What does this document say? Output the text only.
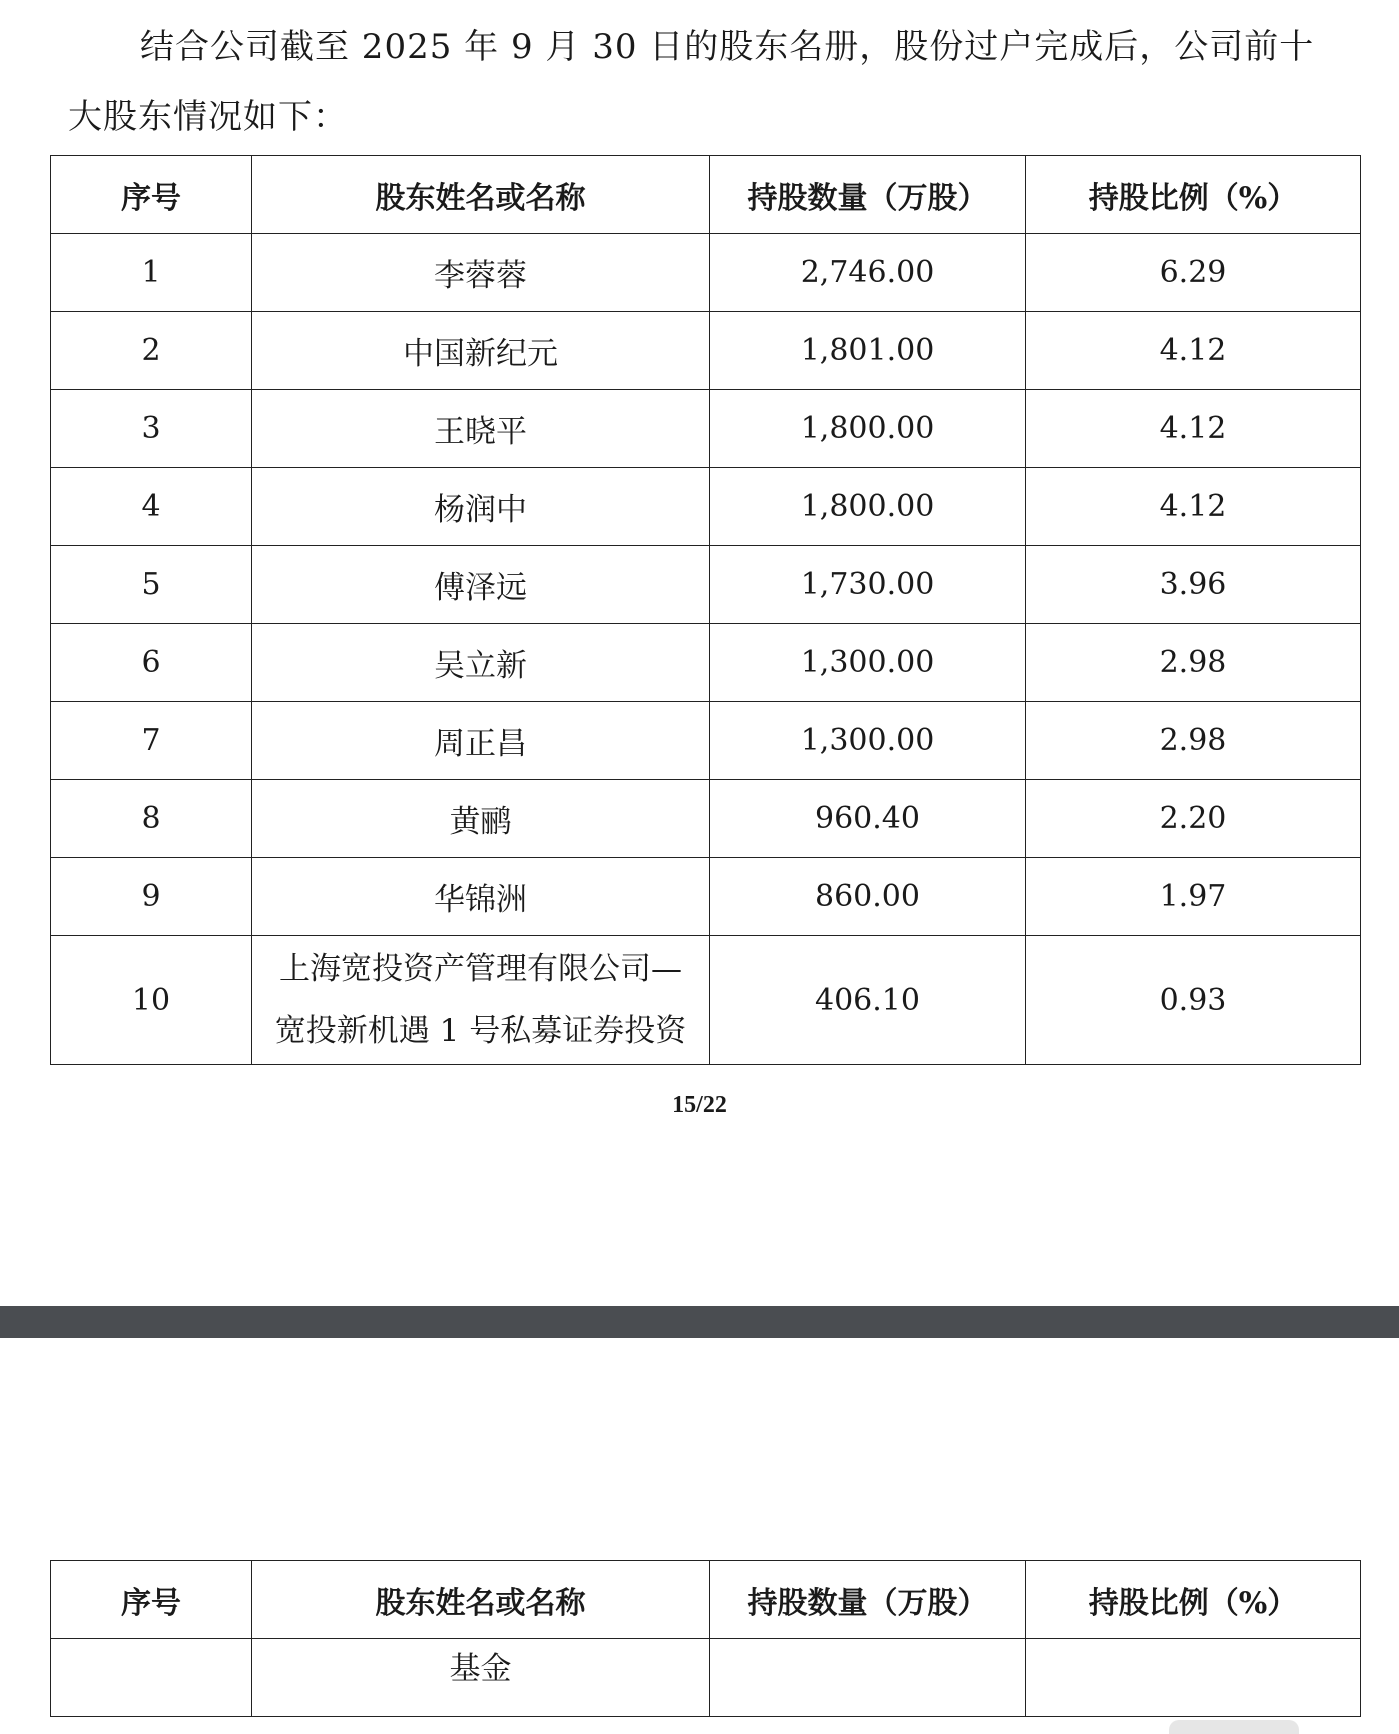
结合公司截至 2025 年 9 月 30 日的股东名册，股份过户完成后，公司前十
大股东情况如下：
序号	股东姓名或名称	持股数量（万股）	持股比例（%）
1	李蓉蓉	2,746.00	6.29
2	中国新纪元	1,801.00	4.12
3	王晓平	1,800.00	4.12
4	杨润中	1,800.00	4.12
5	傅泽远	1,730.00	3.96
6	吴立新	1,300.00	2.98
7	周正昌	1,300.00	2.98
8	黄鹂	960.40	2.20
9	华锦洲	860.00	1.97
10	上海宽投资产管理有限公司—
宽投新机遇 1 号私募证券投资	406.10	0.93
15/22
序号	股东姓名或名称	持股数量（万股）	持股比例（%）
	基金		
